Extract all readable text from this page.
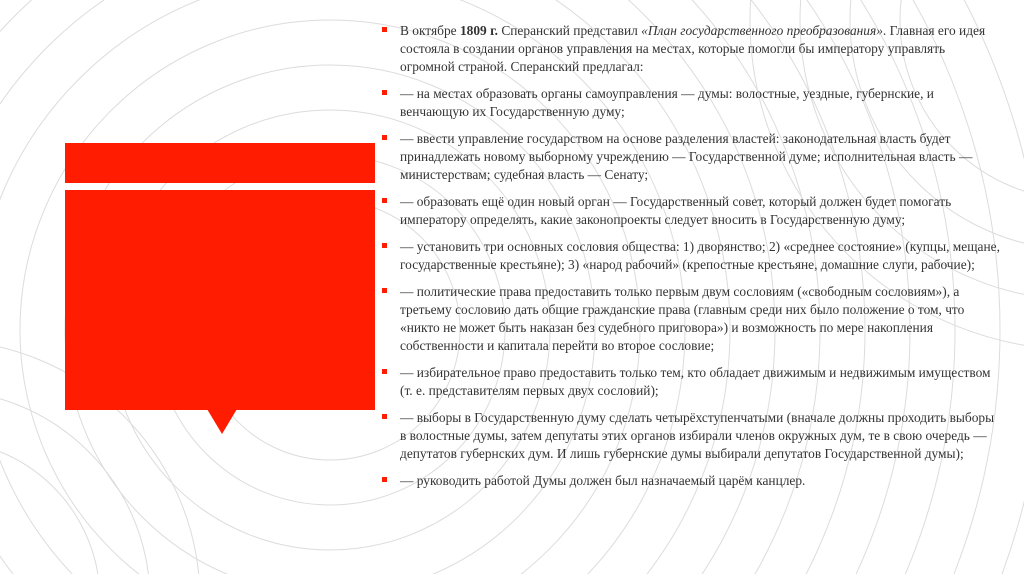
В октябре 1809 г. Сперанский представил «План государственного преобразования». Главная его идея состояла в создании органов управления на местах, которые помогли бы императору управлять огромной страной. Сперанский предлагал:
— на местах образовать органы самоуправления — думы: волостные, уездные, губернские, и венчающую их Государственную думу;
— ввести управление государством на основе разделения властей: законодательная власть будет принадлежать новому выборному учреждению — Государственной думе; исполнительная власть — министерствам; судебная власть — Сенату;
— образовать ещё один новый орган — Государственный совет, который должен будет помогать императору определять, какие законопроекты следует вносить в Государственную думу;
— установить три основных сословия общества: 1) дворянство; 2) «среднее состояние» (купцы, мещане, государственные крестьяне); 3) «народ рабочий» (крепостные крестьяне, домашние слуги, рабочие);
— политические права предоставить только первым двум сословиям («свободным сословиям»), а третьему сословию дать общие гражданские права (главным среди них было положение о том, что «никто не может быть наказан без судебного приговора») и возможность по мере накопления собственности и капитала перейти во второе сословие;
— избирательное право предоставить только тем, кто обладает движимым и недвижимым имуществом (т. е. представителям первых двух сословий);
— выборы в Государственную думу сделать четырёхступенчатыми (вначале должны проходить выборы в волостные думы, затем депутаты этих органов избирали членов окружных дум, те в свою очередь — депутатов губернских дум. И лишь губернские думы выбирали депутатов Государственной думы);
— руководить работой Думы должен был назначаемый царём канцлер.
